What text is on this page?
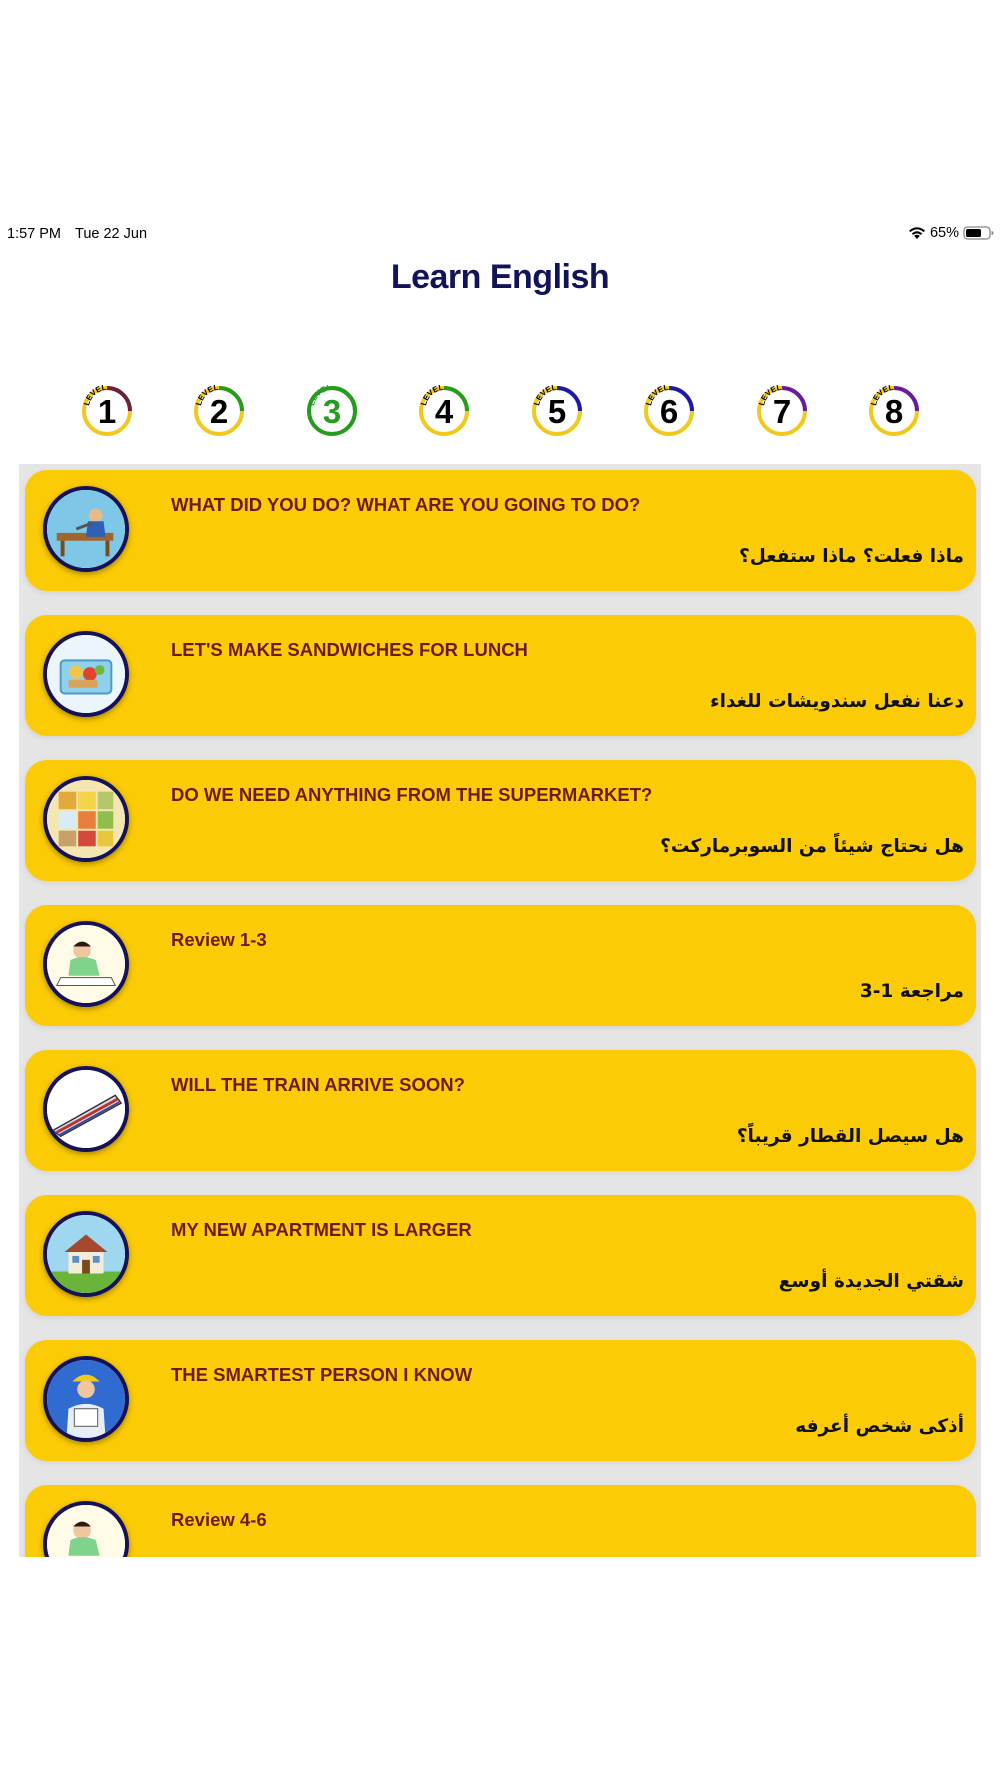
1:57 PM Tue 22 Jun	65%
Learn English
LEVEL
1	LEVEL
2	LEVEL
3	LEVEL
4	LEVEL
5	LEVEL
6	LEVEL
7	LEVEL
8
WHAT DID YOU DO? WHAT ARE YOU GOING TO DO?
ماذا فعلت؟ ماذا ستفعل؟
LET'S MAKE SANDWICHES FOR LUNCH
دعنا نفعل سندويشات للغداء
DO WE NEED ANYTHING FROM THE SUPERMARKET?
هل نحتاج شيئاً من السوبرماركت؟
Review 1-3
مراجعة 1-3
WILL THE TRAIN ARRIVE SOON?
هل سيصل القطار قريباً؟
MY NEW APARTMENT IS LARGER
شقتي الجديدة أوسع
THE SMARTEST PERSON I KNOW
أذكى شخص أعرفه
Review 4-6
